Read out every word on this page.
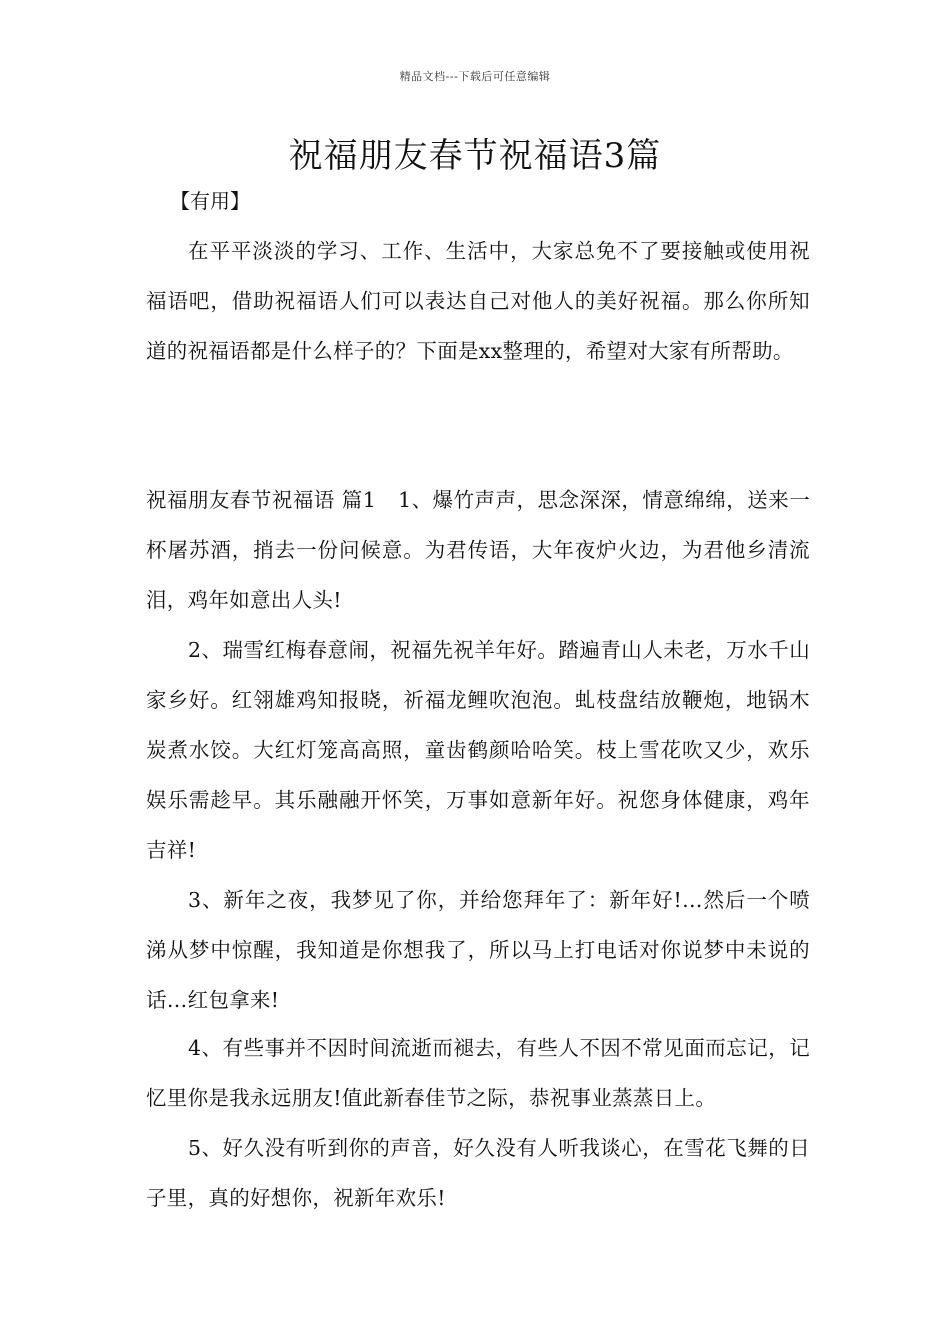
精品文档---下载后可任意编辑
祝福朋友春节祝福语3篇
【有用】

在平平淡淡的学习、工作、生活中，大家总免不了要接触或使用祝福语吧，借助祝福语人们可以表达自己对他人的美好祝福。那么你所知道的祝福语都是什么样子的？下面是xx整理的，希望对大家有所帮助。

祝福朋友春节祝福语 篇1 1、爆竹声声，思念深深，情意绵绵，送来一杯屠苏酒，捎去一份问候意。为君传语，大年夜炉火边，为君他乡清流泪，鸡年如意出人头!

2、瑞雪红梅春意闹，祝福先祝羊年好。踏遍青山人未老，万水千山家乡好。红翎雄鸡知报晓，祈福龙鲤吹泡泡。虬枝盘结放鞭炮，地锅木炭煮水饺。大红灯笼高高照，童齿鹤颜哈哈笑。枝上雪花吹又少，欢乐娱乐需趁早。其乐融融开怀笑，万事如意新年好。祝您身体健康，鸡年吉祥!

3、新年之夜，我梦见了你，并给您拜年了：新年好!…然后一个喷涕从梦中惊醒，我知道是你想我了，所以马上打电话对你说梦中未说的话…红包拿来!

4、有些事并不因时间流逝而褪去，有些人不因不常见面而忘记，记忆里你是我永远朋友!值此新春佳节之际，恭祝事业蒸蒸日上。

5、好久没有听到你的声音，好久没有人听我谈心，在雪花飞舞的日子里，真的好想你，祝新年欢乐!
